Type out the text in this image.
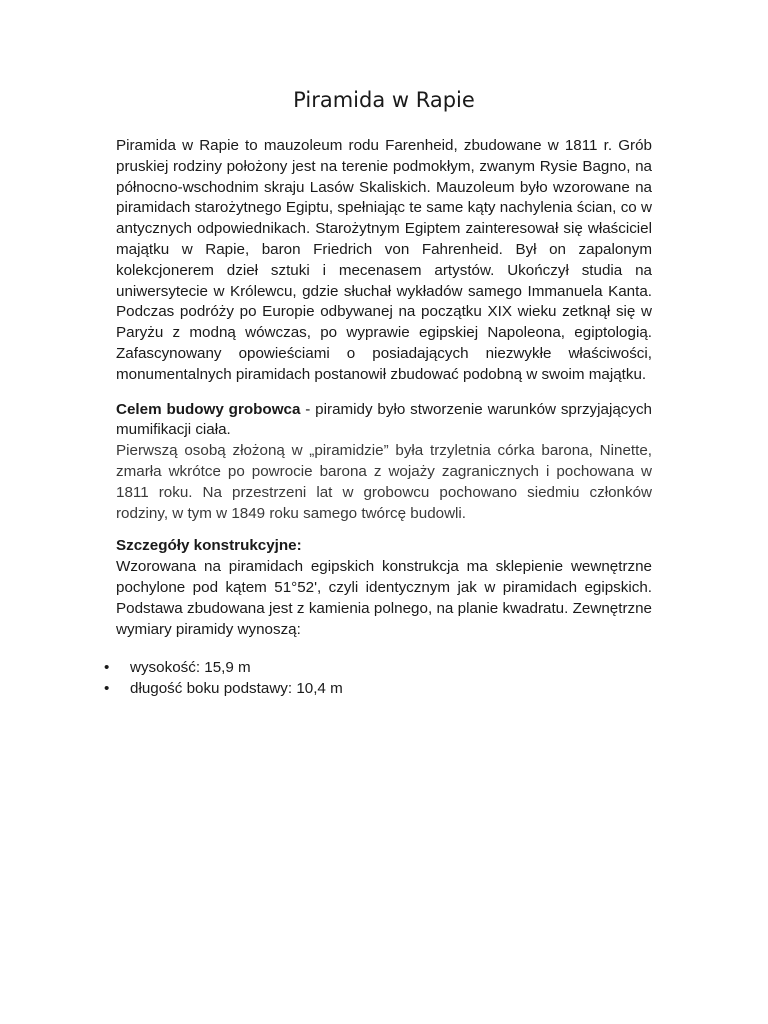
Piramida w Rapie

Piramida w Rapie to mauzoleum rodu Farenheid, zbudowane w 1811 r. Grób pruskiej rodziny położony jest na terenie podmokłym, zwanym Rysie Bagno, na północno-wschodnim skraju Lasów Skaliskich. Mauzoleum było wzorowane na piramidach starożytnego Egiptu, spełniając te same kąty nachylenia ścian, co w antycznych odpowiednikach. Starożytnym Egiptem zainteresował się właściciel majątku w Rapie, baron Friedrich von Fahrenheid. Był on zapalonym kolekcjonerem dzieł sztuki i mecenasem artystów. Ukończył studia na uniwersytecie w Królewcu, gdzie słuchał wykładów samego Immanuela Kanta. Podczas podróży po Europie odbywanej na początku XIX wieku zetknął się w Paryżu z modną wówczas, po wyprawie egipskiej Napoleona, egiptologią. Zafascynowany opowieściami o posiadających niezwykłe właściwości, monumentalnych piramidach postanowił zbudować podobną w swoim majątku.

Celem budowy grobowca - piramidy było stworzenie warunków sprzyjających mumifikacji ciała.

Pierwszą osobą złożoną w „piramidzie” była trzyletnia córka barona, Ninette, zmarła wkrótce po powrocie barona z wojaży zagranicznych i pochowana w 1811 roku. Na przestrzeni lat w grobowcu pochowano siedmiu członków rodziny, w tym w 1849 roku samego twórcę budowli.

Szczegóły konstrukcyjne:

Wzorowana na piramidach egipskich konstrukcja ma sklepienie wewnętrzne pochylone pod kątem 51°52', czyli identycznym jak w piramidach egipskich. Podstawa zbudowana jest z kamienia polnego, na planie kwadratu. Zewnętrzne wymiary piramidy wynoszą:

• wysokość: 15,9 m
• długość boku podstawy: 10,4 m
